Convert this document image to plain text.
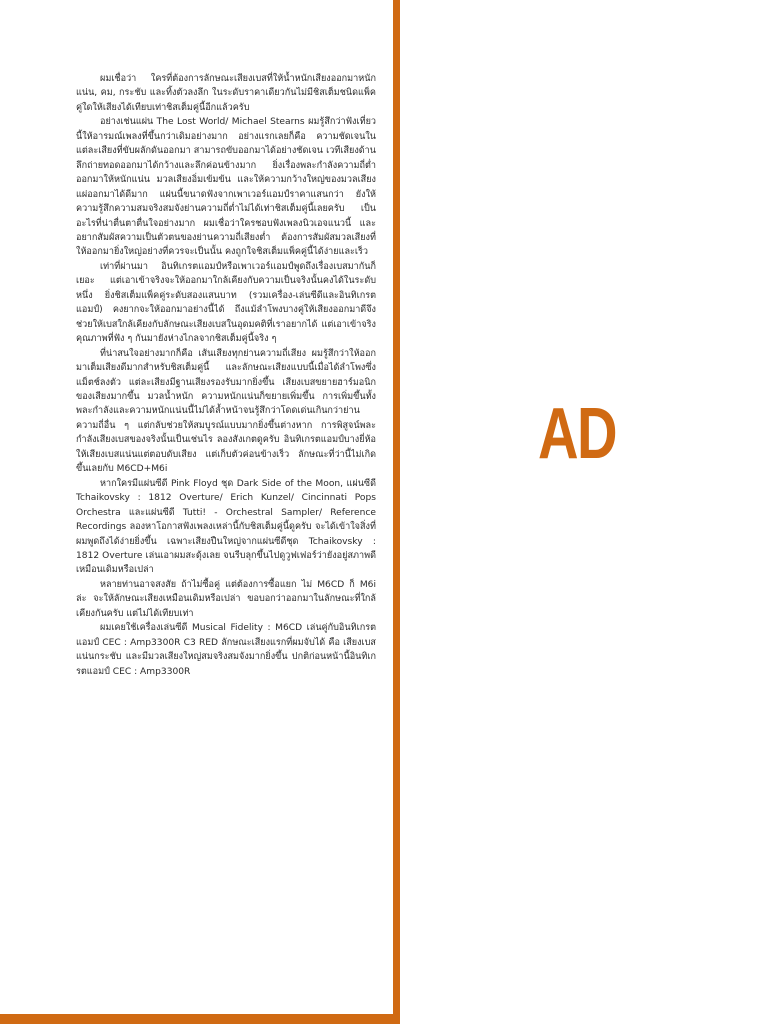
ผมเชื่อว่า ใครที่ต้องการลักษณะเสียงเบสที่ให้น้ำหนักเสียงออกมาหนักแน่น, คม, กระชับ และทิ้งตัวลงลึก ในระดับราคาเดียวกันไม่มีชิสเต็มชนิดแพ็คคู่ใดให้เสียงได้เทียบเท่าชิสเต็มคู่นี้อีกแล้วครับ

อย่างเช่นแผ่น The Lost World/ Michael Stearns ผมรู้สึกว่าฟังเที่ยวนี้ให้อารมณ์เพลงที่ขึ้นกว่าเดิมอย่างมาก อย่างแรกเลยก็คือ ความชัดเจนในแต่ละเสียงที่ขับผลักดันออกมา สามารถขับออกมาได้อย่างชัดเจน เวทีเสียงด้านลึกถ่ายทอดออกมาได้กว้างและลึกค่อนข้างมาก ยิ่งเรื่องพละกำลังความถี่ต่ำออกมาให้หนักแน่น มวลเสียงอิ่มเข้มข้น และให้ความกว้างใหญ่ของมวลเสียงแผ่ออกมาได้ดีมาก แผ่นนี้ขนาดฟังจากเพาเวอร์แอมป์ราคาแสนกว่า ยังให้ความรู้สึกความสมจริงสมจังย่านความถี่ต่ำไม่ได้เท่าชิสเต็มคู่นี้เลยครับ เป็นอะไรที่น่าตื่นตาตื่นใจอย่างมาก ผมเชื่อว่าใครชอบฟังเพลงนิวเอจแนวนี้ และอยากสัมผัสความเป็นตัวตนของย่านความถี่เสียงต่ำ ต้องการสัมผัสมวลเสียงที่ให้ออกมายิ่งใหญ่อย่างที่ควรจะเป็นนั้น คงถูกใจชิสเต็มแพ็คคู่นี้ได้ง่ายและเร็ว

เท่าที่ผ่านมา อินทิเกรตแอมป์หรือเพาเวอร์แอมป์พูดถึงเรื่องเบสมากันก็เยอะ แต่เอาเข้าจริงจะให้ออกมาใกล้เคียงกับความเป็นจริงนั้นคงได้ในระดับหนึ่ง ยิ่งชิสเต็มแพ็คคู่ระดับสองแสนบาท (รวมเครื่อง-เล่นซีดีและอินทิเกรตแอมป์) คงยากจะให้ออกมาอย่างนี้ได้ ถึงแม้ลำโพงบางคู่ให้เสียงออกมาดีจึงช่วยให้เบสใกล้เคียงกับลักษณะเสียงเบสในอุดมคติที่เราอยากได้ แต่เอาเข้าจริงคุณภาพที่ฟัง ๆ กันมายังห่างไกลจากชิสเต็มคู่นี้จริง ๆ

ที่น่าสนใจอย่างมากก็คือ เส้นเสียงทุกย่านความถี่เสียง ผมรู้สึกว่าให้ออกมาเต็มเสียงดีมากสำหรับชิสเต็มคู่นี้ และลักษณะเสียงแบบนี้เมื่อได้ลำโพงซึ่งแม็ตช์ลงตัว แต่ละเสียงมีฐานเสียงรองรับมากยิ่งขึ้น เสียงเบสขยายฮาร์มอนิก ของเสียงมากขึ้น มวลน้ำหนัก ความหนักแน่นก็ขยายเพิ่มขึ้น การเพิ่มขึ้นทั้งพละกำลังและความหนักแน่นนี้ไม่ได้ล้ำหน้าจนรู้สึกว่าโดดเด่นเกินกว่าย่านความถี่อื่น ๆ แต่กลับช่วยให้สมบูรณ์แบบมากยิ่งขึ้นต่างหาก การพิสูจน์พละกำลังเสียงเบสของจริงนั้นเป็นเช่นไร ลองสังเกตดูครับ อินทิเกรตแอมป์บางยี่ห้อให้เสียงเบสแน่นแต่ตอบดับเสียง แต่เก็บตัวค่อนข้างเร็ว ลักษณะที่ว่านี้ไม่เกิดขึ้นเลยกับ M6CD+M6i

หากใครมีแผ่นซีดี Pink Floyd ชุด Dark Side of the Moon, แผ่นซีดี Tchaikovsky : 1812 Overture/ Erich Kunzel/ Cincinnati Pops Orchestra และแผ่นซีดี Tutti! - Orchestral Sampler/ Reference Recordings ลองหาโอกาสฟังเพลงเหล่านี้กับชิสเต็มคู่นี้ดูครับ จะได้เข้าใจสิ่งที่ผมพูดถึงได้ง่ายยิ่งขึ้น เฉพาะเสียงปืนใหญ่จากแผ่นซีดีชุด Tchaikovsky : 1812 Overture เล่นเอาผมสะดุ้งเลย จนรีบลุกขึ้นไปดูวูฟเฟอร์ว่ายังอยู่สภาพดีเหมือนเดิมหรือเปล่า

หลายท่านอาจสงสัย ถ้าไม่ซื้อคู่ แต่ต้องการซื้อแยก ไม่ M6CD ก็ M6i ล่ะ จะให้ลักษณะเสียงเหมือนเดิมหรือเปล่า ขอบอกว่าออกมาในลักษณะที่ใกล้เคียงกันครับ แต่ไม่ได้เทียบเท่า

ผมเคยใช้เครื่องเล่นซีดี Musical Fidelity : M6CD เล่นคู่กับอินทิเกรตแอมป์ CEC : Amp3300R C3 RED ลักษณะเสียงแรกที่ผมจับได้ คือ เสียงเบสแน่นกระชับ และมีมวลเสียงใหญ่สมจริงสมจังมากยิ่งขึ้น ปกติก่อนหน้านี้อินทิเกรตแอมป์ CEC : Amp3300R

AD
